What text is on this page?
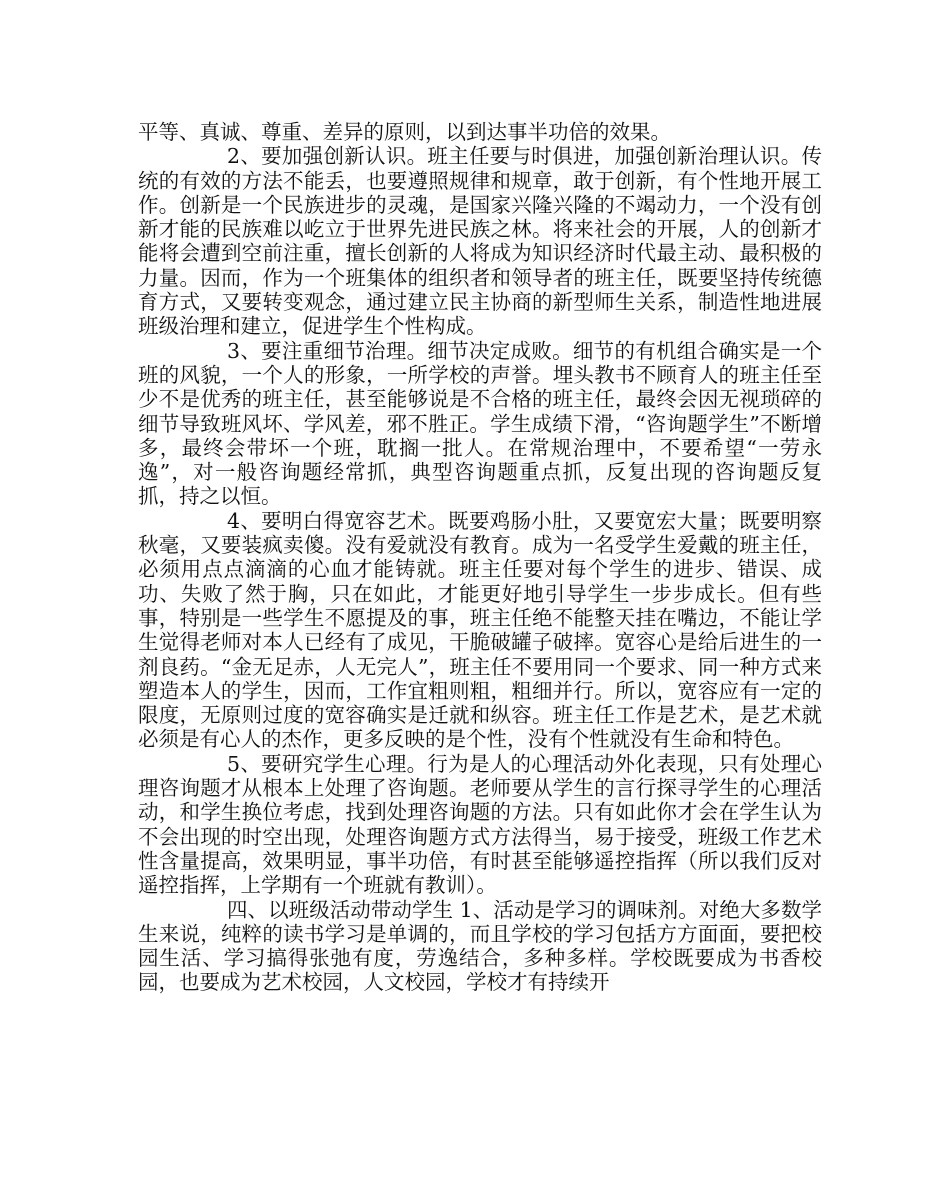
平等、真诚、尊重、差异的原则，以到达事半功倍的效果。

2、要加强创新认识。班主任要与时俱进，加强创新治理认识。传统的有效的方法不能丢，也要遵照规律和规章，敢于创新，有个性地开展工作。创新是一个民族进步的灵魂，是国家兴隆兴隆的不竭动力，一个没有创新才能的民族难以屹立于世界先进民族之林。将来社会的开展，人的创新才能将会遭到空前注重，擅长创新的人将成为知识经济时代最主动、最积极的力量。因而，作为一个班集体的组织者和领导者的班主任，既要坚持传统德育方式，又要转变观念，通过建立民主协商的新型师生关系，制造性地进展班级治理和建立，促进学生个性构成。

3、要注重细节治理。细节决定成败。细节的有机组合确实是一个班的风貌，一个人的形象，一所学校的声誉。埋头教书不顾育人的班主任至少不是优秀的班主任，甚至能够说是不合格的班主任，最终会因无视琐碎的细节导致班风坏、学风差，邪不胜正。学生成绩下滑，“咨询题学生”不断增多，最终会带坏一个班，耽搁一批人。在常规治理中，不要希望“一劳永逸”，对一般咨询题经常抓，典型咨询题重点抓，反复出现的咨询题反复抓，持之以恒。

4、要明白得宽容艺术。既要鸡肠小肚，又要宽宏大量；既要明察秋毫，又要装疯卖傻。没有爱就没有教育。成为一名受学生爱戴的班主任，必须用点点滴滴的心血才能铸就。班主任要对每个学生的进步、错误、成功、失败了然于胸，只在如此，才能更好地引导学生一步步成长。但有些事，特别是一些学生不愿提及的事，班主任绝不能整天挂在嘴边，不能让学生觉得老师对本人已经有了成见，干脆破罐子破摔。宽容心是给后进生的一剂良药。“金无足赤，人无完人”，班主任不要用同一个要求、同一种方式来塑造本人的学生，因而，工作宜粗则粗，粗细并行。所以，宽容应有一定的限度，无原则过度的宽容确实是迁就和纵容。班主任工作是艺术，是艺术就必须是有心人的杰作，更多反映的是个性，没有个性就没有生命和特色。

5、要研究学生心理。行为是人的心理活动外化表现，只有处理心理咨询题才从根本上处理了咨询题。老师要从学生的言行探寻学生的心理活动，和学生换位考虑，找到处理咨询题的方法。只有如此你才会在学生认为不会出现的时空出现，处理咨询题方式方法得当，易于接受，班级工作艺术性含量提高，效果明显，事半功倍，有时甚至能够遥控指挥（所以我们反对遥控指挥，上学期有一个班就有教训）。

四、以班级活动带动学生 1、活动是学习的调味剂。对绝大多数学生来说，纯粹的读书学习是单调的，而且学校的学习包括方方面面，要把校园生活、学习搞得张弛有度，劳逸结合，多种多样。学校既要成为书香校园，也要成为艺术校园，人文校园，学校才有持续开
